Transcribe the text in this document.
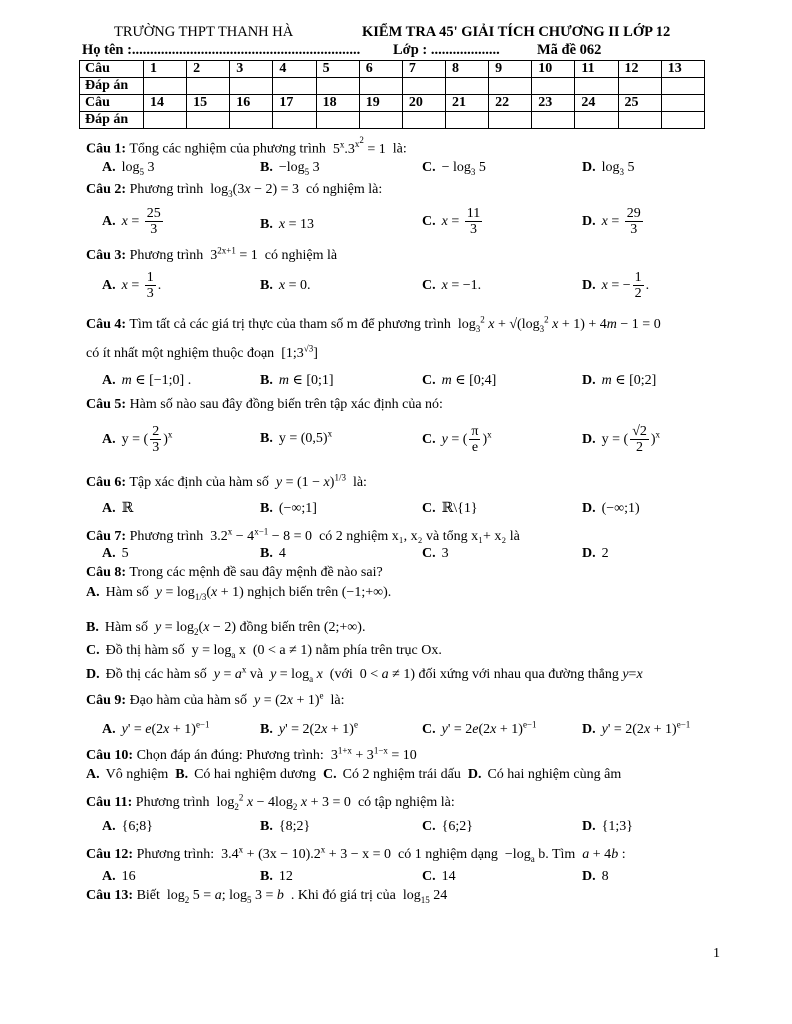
TRƯỜNG THPT THANH HÀ	KIỂM TRA 45' GIẢI TÍCH CHƯƠNG II LỚP 12
Họ tên :............................................................... Lớp : ...................	Mã đề 062
Câu	1	2	3	4	5	6	7	8	9	10	11	12	13
Đáp án													
Câu	14	15	16	17	18	19	20	21	22	23	24	25	
Đáp án													
Câu 1: Tổng các nghiệm của phương trình  $5^x.3^{x^2} = 1$  là:
A. $\log_5 3$	B. $-\log_5$ 3	C. − $\log_3 5$	D. $\log_3 5$
Câu 2: Phương trình  $\log_3(3x - 2) = 3$  có nghiệm là:
A. $x = \frac{25}{3}$	B. x = 13	C. $x = \frac{11}{3}$	D. $x = \frac{29}{3}$
Câu 3: Phương trình  $3^{2x+1} = 1$  có nghiệm là
A. $x = \frac{1}{3}$ .	B. x = 0.	C. x = −1.	D. x = − $\frac{1}{2}$ .
Câu 4: Tìm tất cả các giá trị thực của tham số m để phương trình  $\log_3^2 x + √(\log_3^2$ x + 1) + 4m − 1 = 0
có ít nhất một nghiệm thuộc đoạn  $[1;3^{√3}]$
A. m ∈ [−1;0] .	B. m ∈ [0;1]	C. m ∈ [0;4]	D. m ∈ [0;2]
Câu 5: Hàm số nào sau đây đồng biến trên tập xác định của nó:
A. y = ( $\frac{2}{3} )^x$	B. $y = (0,5)^x$	C. y = ( $\frac{\pi}{e} )^x$	D. y = ( $\frac{√2}{2} )^x$
Câu 6: Tập xác định của hàm số $y = (1 - x)^{1/3}$ là:
A. ℝ	B. (−∞;1]	C. ℝ\{1}	D. (−∞;1)
Câu 7: Phương trình  $3.2^x - 4^{x-1} - 8 = 0$  có 2 nghiệm x₁, x₂ và tổng x₁+ x₂ là
A. 5	B. 4	C. 3	D. 2
Câu 8: Trong các mệnh đề sau đây mệnh đề nào sai?
A. Hàm số $y = \log_{1/3}(x + 1)$ nghịch biến trên (−1;+∞).
B. Hàm số $y = \log_2(x - 2)$ đồng biến trên (2;+∞).
C. Đồ thị hàm số  $y = \log_a x$  (0 < a ≠ 1) nằm phía trên trục Ox.
D. Đồ thị các hàm số $y = a^x$ và $y = \log_a x$ (với  0 < a ≠ 1) đối xứng với nhau qua đường thẳng y=x
Câu 9: Đạo hàm của hàm số $y = (2x + 1)^e$ là:
A. $y' = e(2x + 1)^{e-1}$	B. $y' = 2(2x + 1)^e$	C. $y' = 2e(2x + 1)^{e-1}$	D. $y' = 2(2x + 1)^{e-1}$
Câu 10: Chọn đáp án đúng: Phương trình:  $3^{1+x} + 3^{1-x} = 10$
A. Vô nghiệm B. Có hai nghiệm dương C. Có 2 nghiệm trái dấu D. Có hai nghiệm cùng âm
Câu 11: Phương trình  $\log_2^2 x - 4\log_2$ x + 3 = 0  có tập nghiệm là:
A. {6;8}	B. {8;2}	C. {6;2}	D. {1;3}
Câu 12: Phương trình:  $3.4^x + (3x - 10).2^x + 3 - x = 0$  có 1 nghiệm dạng  $-\log_a$ b. Tìm a + 4b :
A. 16	B. 12	C. 14	D. 8
Câu 13: Biết  $\log_2 5 = a$; $\log_5 3 = b$ . Khi đó giá trị của  $\log_{15} 24$
1
